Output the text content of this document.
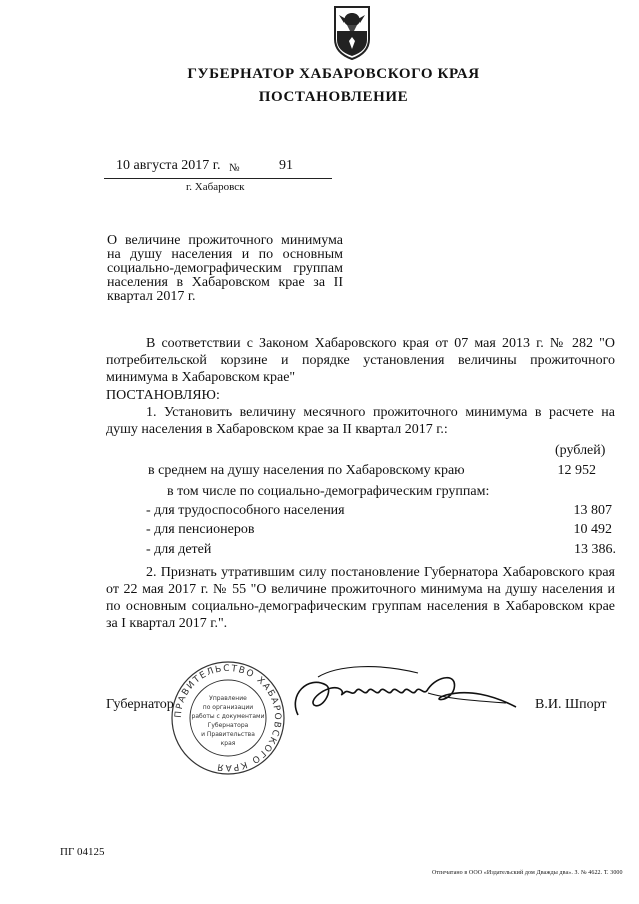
ГУБЕРНАТОР ХАБАРОВСКОГО КРАЯ
ПОСТАНОВЛЕНИЕ
10 августа 2017 г. №	91
г. Хабаровск
О величине прожиточного минимума на душу населения и по основным социально-демографическим группам населения в Хабаровском крае за II квартал 2017 г.
В соответствии с Законом Хабаровского края от 07 мая 2013 г. № 282 "О потребительской корзине и порядке установления величины прожиточного минимума в Хабаровском крае"
ПОСТАНОВЛЯЮ:
1. Установить величину месячного прожиточного минимума в расчете на душу населения в Хабаровском крае за II квартал 2017 г.:
(рублей)
в среднем на душу населения по Хабаровскому краю	12 952
в том числе по социально-демографическим группам:
- для трудоспособного населения	13 807
- для пенсионеров	10 492
- для детей	13 386.
2. Признать утратившим силу постановление Губернатора Хабаровского края от 22 мая 2017 г. № 55 "О величине прожиточного минимума на душу населения и по основным социально-демографическим группам населения в Хабаровском крае за I квартал 2017 г.".
ПРАВИТЕЛЬСТВО ХАБАРОВСКОГО КРАЯ
Управление
по организации
работы с документами
Губернатора
и Правительства
края
Губернатор	В.И. Шпорт
ПГ 04125
Отпечатано в ООО «Издательский дом Дважды два». З. № 4622. Т. 3000
